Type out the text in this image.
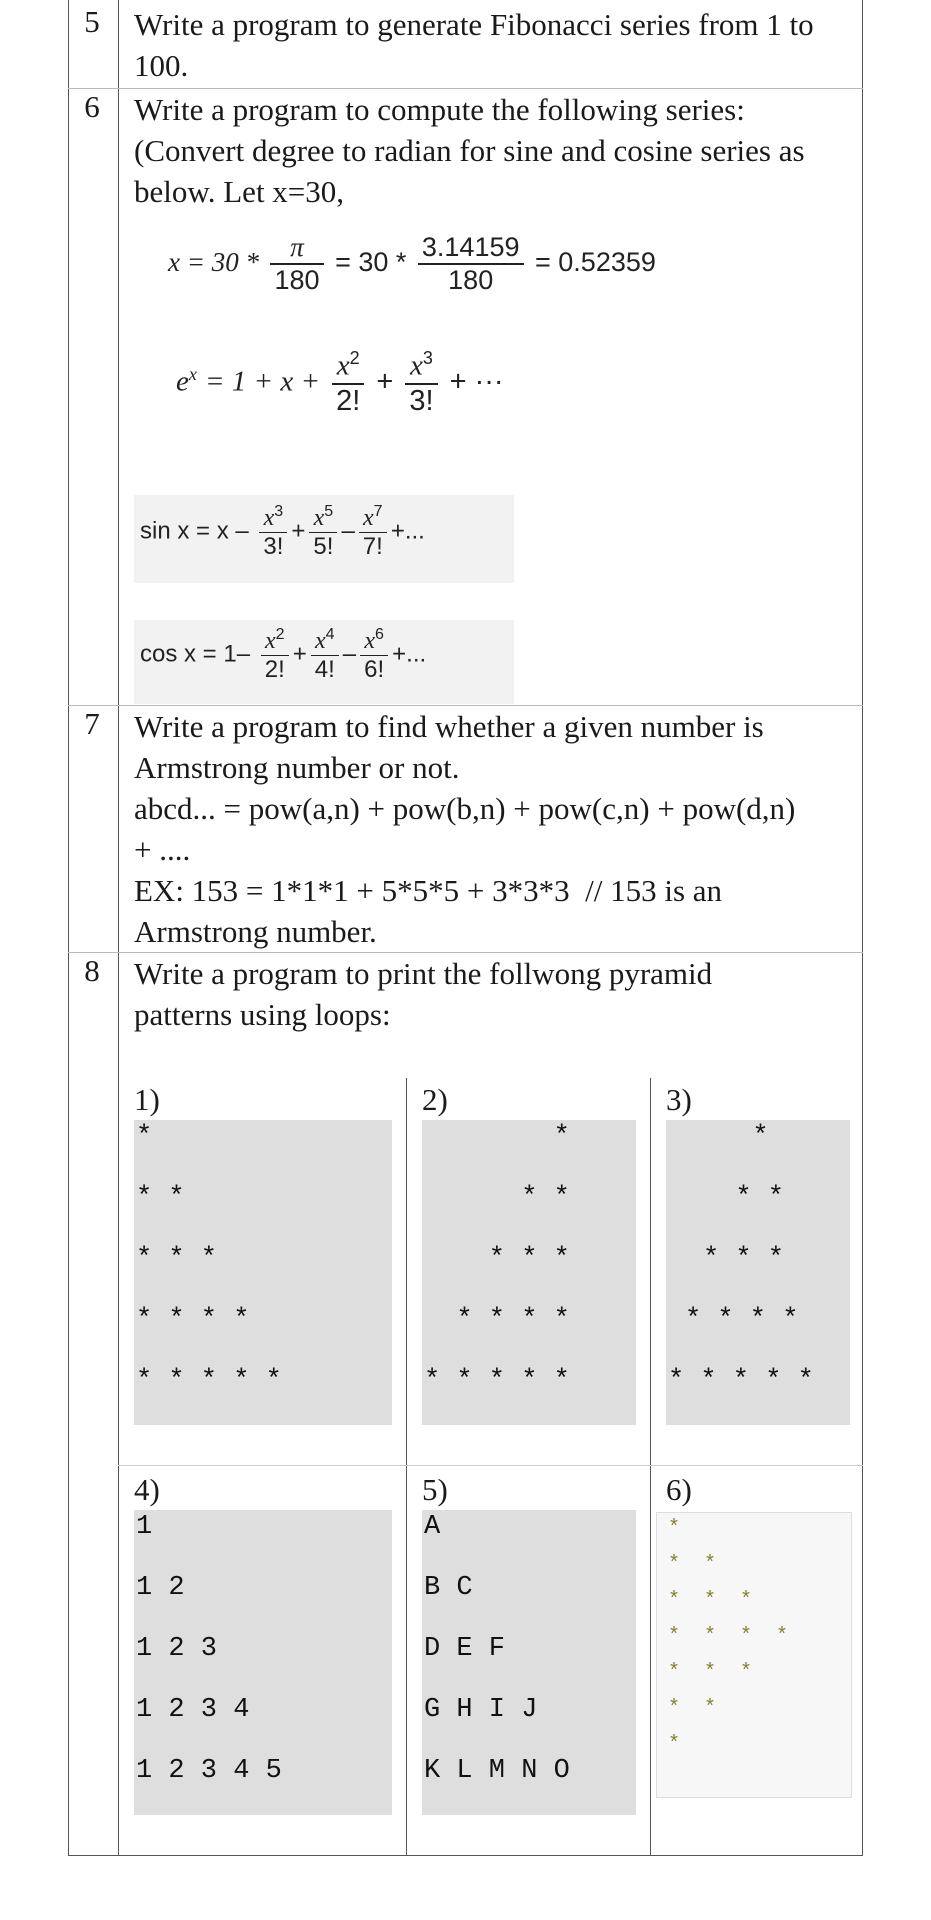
5	Write a program to generate Fibonacci series from 1 to
100.
6	Write a program to compute the following series:
(Convert degree to radian for sine and cosine series as
below. Let x=30,
$x = 30 * \frac{\pi}{180} = 30 * \frac{3.14159}{180} = 0.52359$
$e^x = 1 + x + \frac{x^2}{2!} + \frac{x^3}{3!}$ + ···
$\sin x = x - \frac{x^3}{3!} + \frac{x^5}{5!} - \frac{x^7}{7!}$ +...
$\cos x = 1- \frac{x^2}{2!} + \frac{x^4}{4!} - \frac{x^6}{6!}$ +...
7	Write a program to find whether a given number is
Armstrong number or not.
abcd... = pow(a,n) + pow(b,n) + pow(c,n) + pow(d,n)
+ ....
EX: 153 = 1*1*1 + 5*5*5 + 3*3*3  // 153 is an
Armstrong number.
8	Write a program to print the follwong pyramid
patterns using loops:
1)
*
* *
* * *
* * * *
* * * * *
2)
*
* *
* * *
* * * *
* * * * *
3)
*
* *
* * *
* * * *
* * * * *
4)
1
1 2
1 2 3
1 2 3 4
1 2 3 4 5
5)
A
B C
D E F
G H I J
K L M N O
6)
*
*  *
*  *  *
*  *  *  *
*  *  *
*  *
*
